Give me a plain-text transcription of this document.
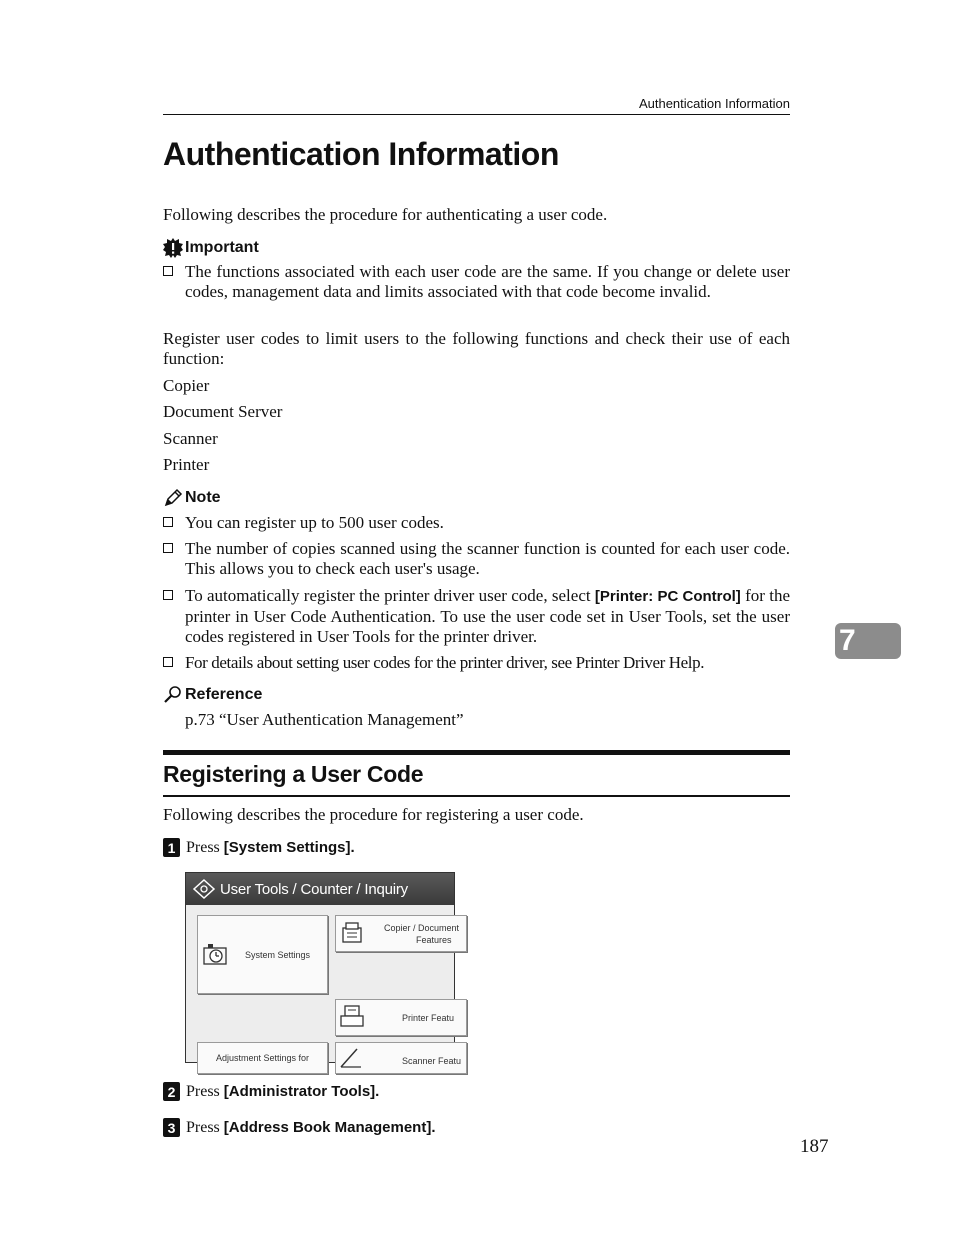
Authentication Information
Authentication Information
Following describes the procedure for authenticating a user code.
Important
The functions associated with each user code are the same. If you change or delete user codes, management data and limits associated with that code become invalid.
Register user codes to limit users to the following functions and check their use of each function:
Copier
Document Server
Scanner
Printer
Note
You can register up to 500 user codes.
The number of copies scanned using the scanner function is counted for each user code. This allows you to check each user's usage.
To automatically register the printer driver user code, select [Printer: PC Control] for the printer in User Code Authentication. To use the user code set in User Tools, set the user codes registered in User Tools for the printer driver.
For details about setting user codes for the printer driver, see Printer Driver Help.
Reference
p.73 “User Authentication Management”
Registering a User Code
Following describes the procedure for registering a user code.
1 Press
[System Settings].
User Tools / Counter / Inquiry
System Settings
Copier / Document
Features
Printer Featu
Adjustment Settings for	Scanner Featu
2 Press
[Administrator Tools].
3 Press
[Address Book Management].
7
187
